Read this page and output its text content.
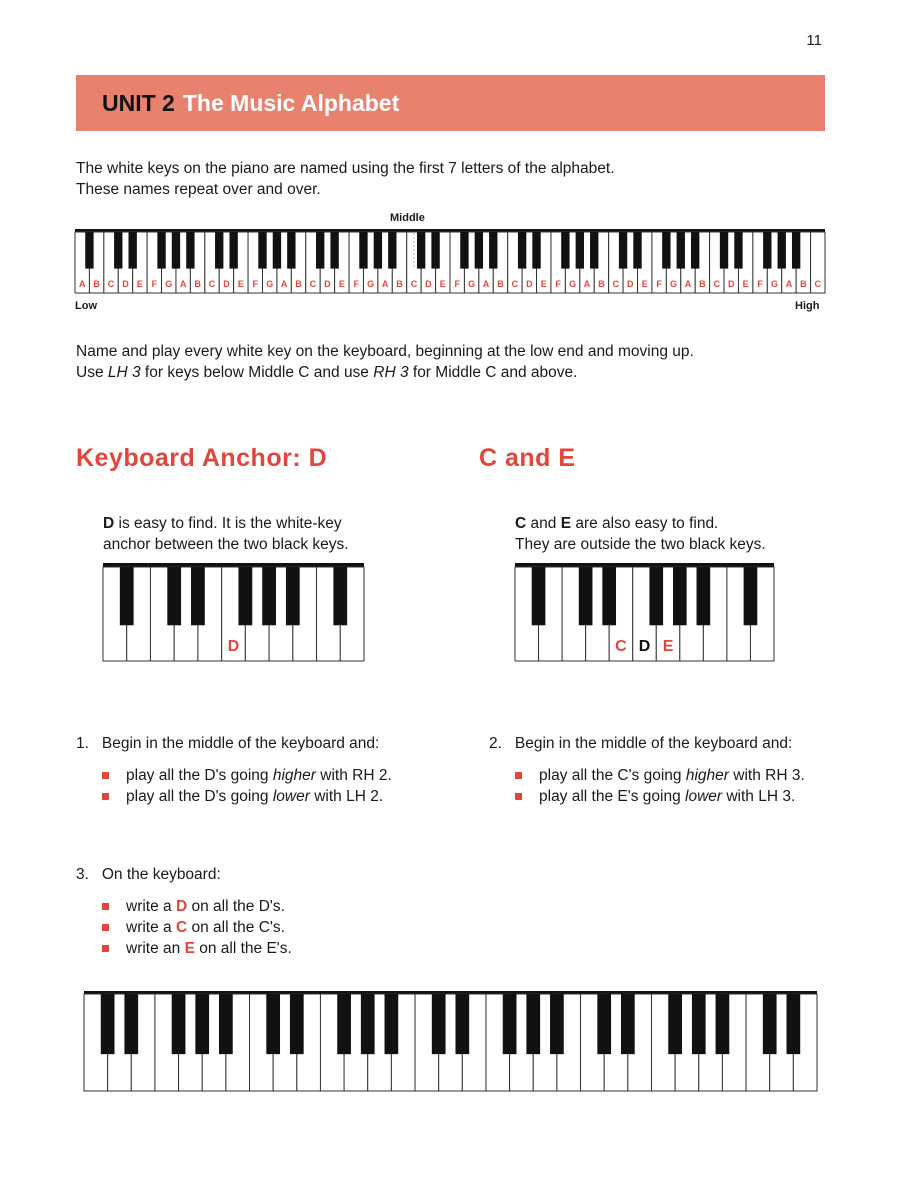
11
UNIT 2 The Music Alphabet
The white keys on the piano are named using the first 7 letters of the alphabet.
These names repeat over and over.
Middle
A B C D E F G A B C D E F G A B C D E F G A B C D E F G A B C D E F G A B C D E F G A B C D E F G A B C
Low	High
Name and play every white key on the keyboard, beginning at the low end and moving up.
Use LH 3 for keys below Middle C and use RH 3 for Middle C and above.
Keyboard Anchor: D
D is easy to find. It is the white-key
anchor between the two black keys.
D
C and E
C and E are also easy to find.
They are outside the two black keys.
C D E
1. Begin in the middle of the keyboard and:
play all the D's going higher with RH 2.
play all the D's going lower with LH 2.
2. Begin in the middle of the keyboard and:
play all the C's going higher with RH 3.
play all the E's going lower with LH 3.
3. On the keyboard:
write a D on all the D's.
write a C on all the C's.
write an E on all the E's.
